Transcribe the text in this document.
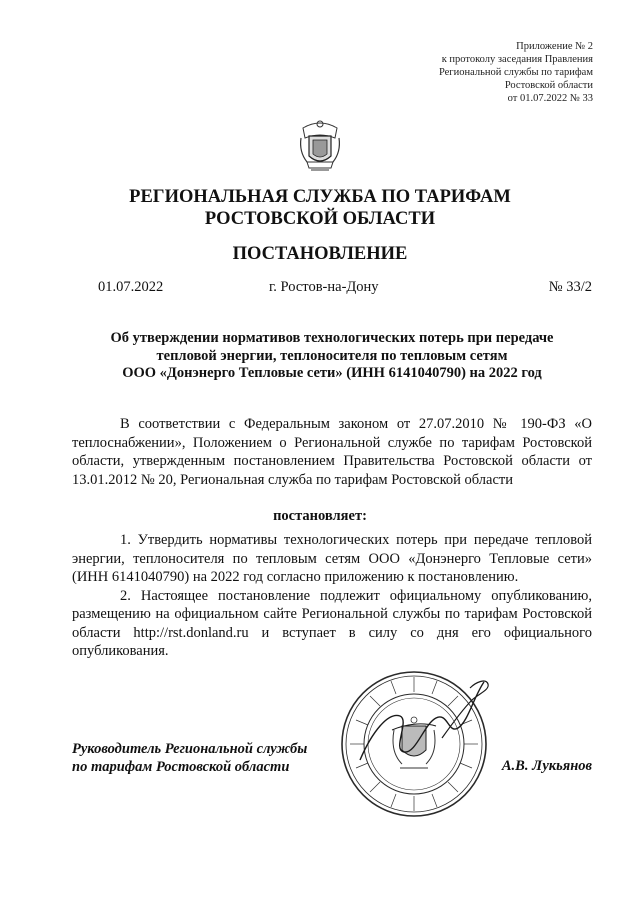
Приложение № 2
к протоколу заседания Правления
Региональной службы по тарифам
Ростовской области
от 01.07.2022 № 33
РЕГИОНАЛЬНАЯ СЛУЖБА ПО ТАРИФАМ
РОСТОВСКОЙ ОБЛАСТИ
ПОСТАНОВЛЕНИЕ
01.07.2022	г. Ростов-на-Дону	№ 33/2
Об утверждении нормативов технологических потерь при передаче
тепловой энергии, теплоносителя по тепловым сетям
ООО «Донэнерго Тепловые сети» (ИНН 6141040790) на 2022 год
В соответствии с Федеральным законом от 27.07.2010 № 190-ФЗ «О теплоснабжении», Положением о Региональной службе по тарифам Ростовской области, утвержденным постановлением Правительства Ростовской области от 13.01.2012 № 20, Региональная служба по тарифам Ростовской области
постановляет:

1. Утвердить нормативы технологических потерь при передаче тепловой энергии, теплоносителя по тепловым сетям ООО «Донэнерго Тепловые сети» (ИНН 6141040790) на 2022 год согласно приложению к постановлению.

2. Настоящее постановление подлежит официальному опубликованию, размещению на официальном сайте Региональной службы по тарифам Ростовской области http://rst.donland.ru и вступает в силу со дня его официального опубликования.

Руководитель Региональной службы
по тарифам Ростовской области	А.В. Лукьянов
